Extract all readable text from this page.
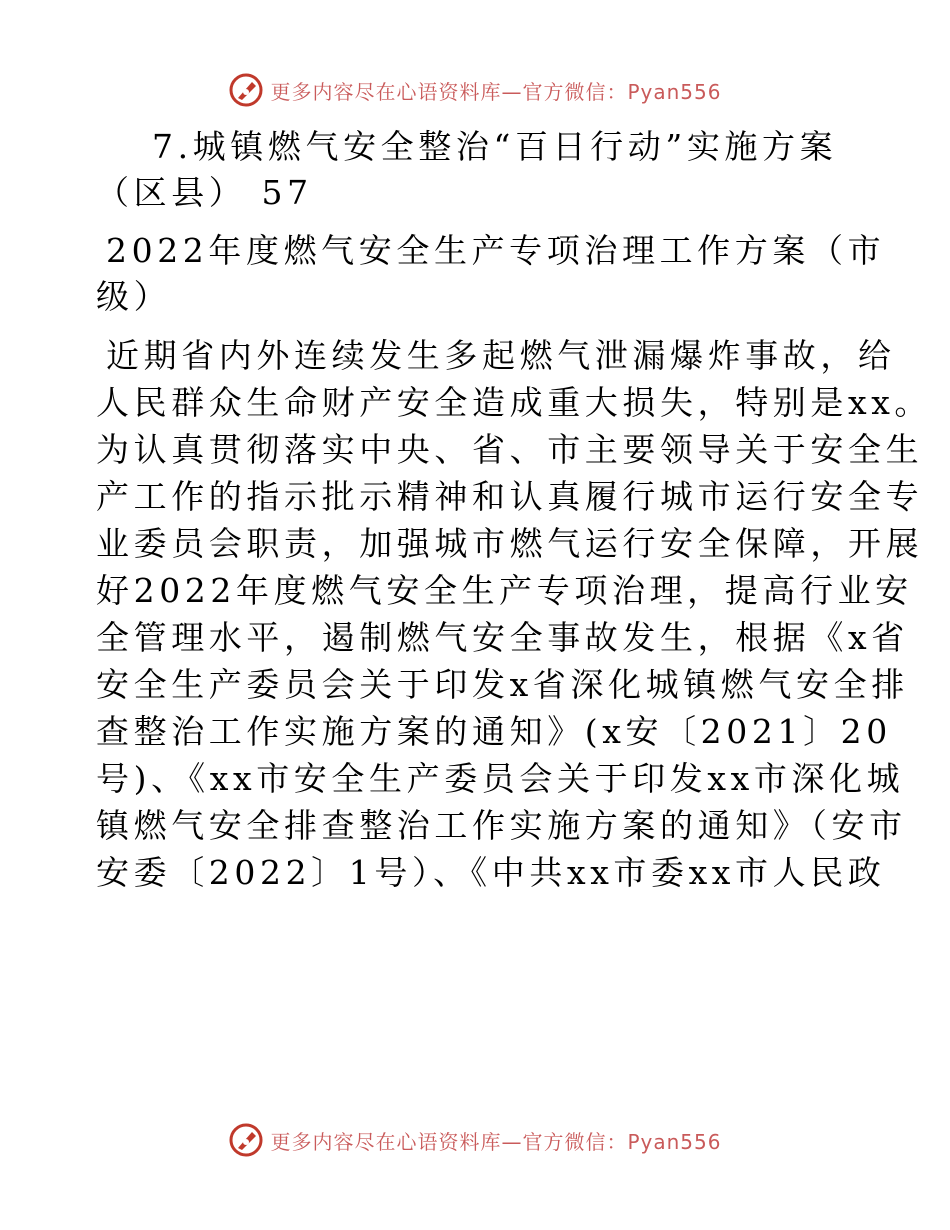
更多内容尽在心语资料库—官方微信：Pyan556
7.城镇燃气安全整治“百日行动”实施方案
（区县） 57
2022年度燃气安全生产专项治理工作方案（市
级）
近期省内外连续发生多起燃气泄漏爆炸事故，给
人民群众生命财产安全造成重大损失，特别是xx。
为认真贯彻落实中央、省、市主要领导关于安全生
产工作的指示批示精神和认真履行城市运行安全专
业委员会职责，加强城市燃气运行安全保障，开展
好2022年度燃气安全生产专项治理，提高行业安
全管理水平，遏制燃气安全事故发生，根据《x省
安全生产委员会关于印发x省深化城镇燃气安全排
查整治工作实施方案的通知》(x安〔2021〕20
号)、《xx市安全生产委员会关于印发xx市深化城
镇燃气安全排查整治工作实施方案的通知》（安市
安委〔2022〕1号）、《中共xx市委xx市人民政
更多内容尽在心语资料库—官方微信：Pyan556
